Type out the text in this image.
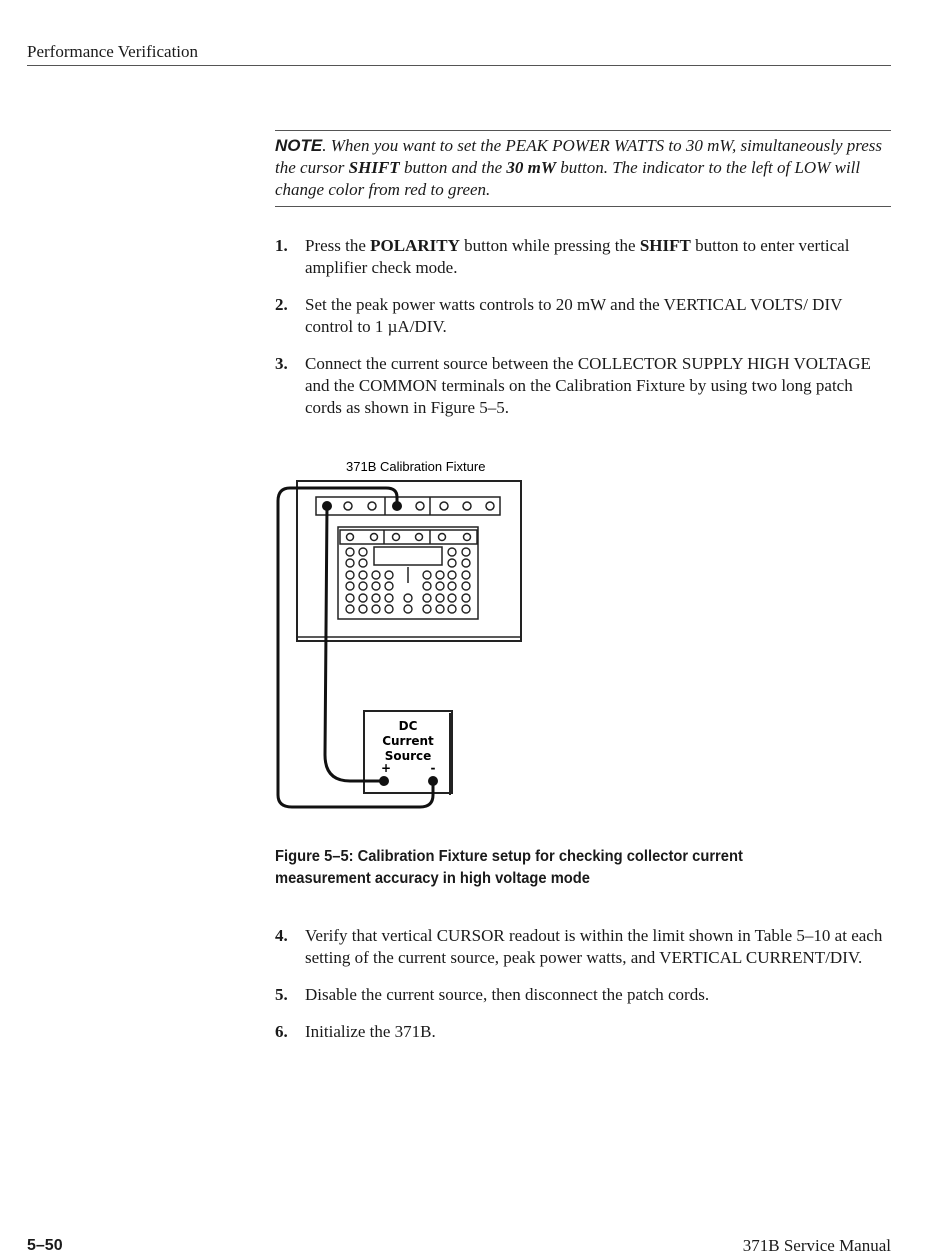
Performance Verification
NOTE. When you want to set the PEAK POWER WATTS to 30 mW, simultaneously press the cursor SHIFT button and the 30 mW button. The indicator to the left of LOW will change color from red to green.
1. Press the POLARITY button while pressing the SHIFT button to enter vertical amplifier check mode.
2. Set the peak power watts controls to 20 mW and the VERTICAL VOLTS/ DIV control to 1 µA/DIV.
3. Connect the current source between the COLLECTOR SUPPLY HIGH VOLTAGE and the COMMON terminals on the Calibration Fixture by using two long patch cords as shown in Figure 5–5.
371B Calibration Fixture
DC
Current
Source
+	-
Figure 5–5: Calibration Fixture setup for checking collector current measurement accuracy in high voltage mode
4. Verify that vertical CURSOR readout is within the limit shown in Table 5–10 at each setting of the current source, peak power watts, and VERTICAL CURRENT/DIV.
5. Disable the current source, then disconnect the patch cords.
6. Initialize the 371B.
5–50	371B Service Manual
